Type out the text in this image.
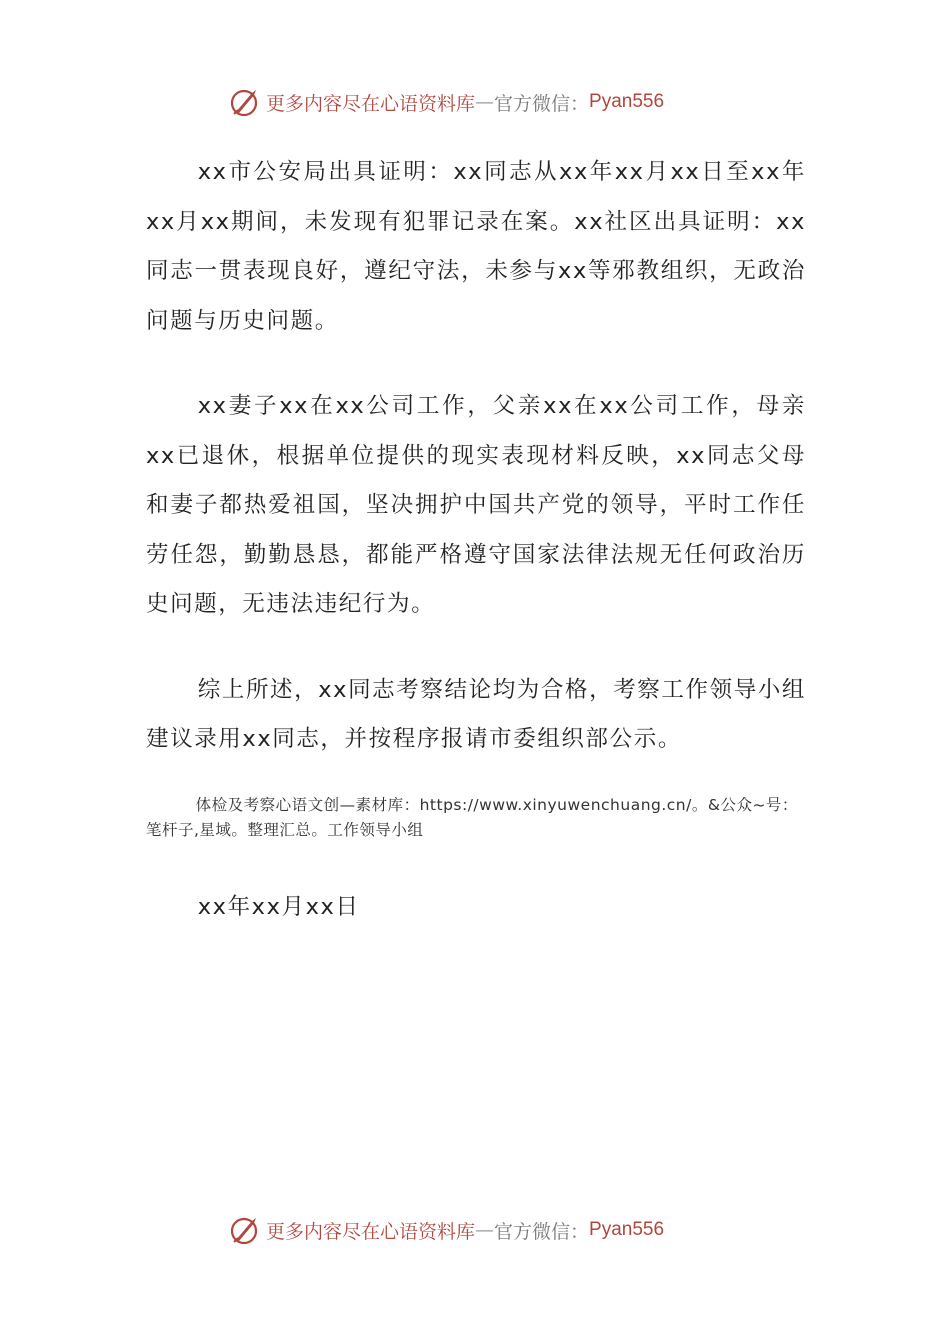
更多内容尽在心语资料库 — 官方微信： Pyan556

xx市公安局出具证明：xx同志从xx年xx月xx日至xx年xx月xx期间，未发现有犯罪记录在案。xx社区出具证明：xx同志一贯表现良好，遵纪守法，未参与xx等邪教组织，无政治问题与历史问题。

xx妻子xx在xx公司工作，父亲xx在xx公司工作，母亲xx已退休，根据单位提供的现实表现材料反映，xx同志父母和妻子都热爱祖国，坚决拥护中国共产党的领导，平时工作任劳任怨，勤勤恳恳，都能严格遵守国家法律法规无任何政治历史问题，无违法违纪行为。

综上所述，xx同志考察结论均为合格，考察工作领导小组建议录用xx同志，并按程序报请市委组织部公示。

体检及考察心语文创—素材库：https://www.xinyuwenchuang.cn/。&公众~号：笔杆子,星域。整理汇总。工作领导小组
xx年xx月xx日
更多内容尽在心语资料库 — 官方微信： Pyan556
